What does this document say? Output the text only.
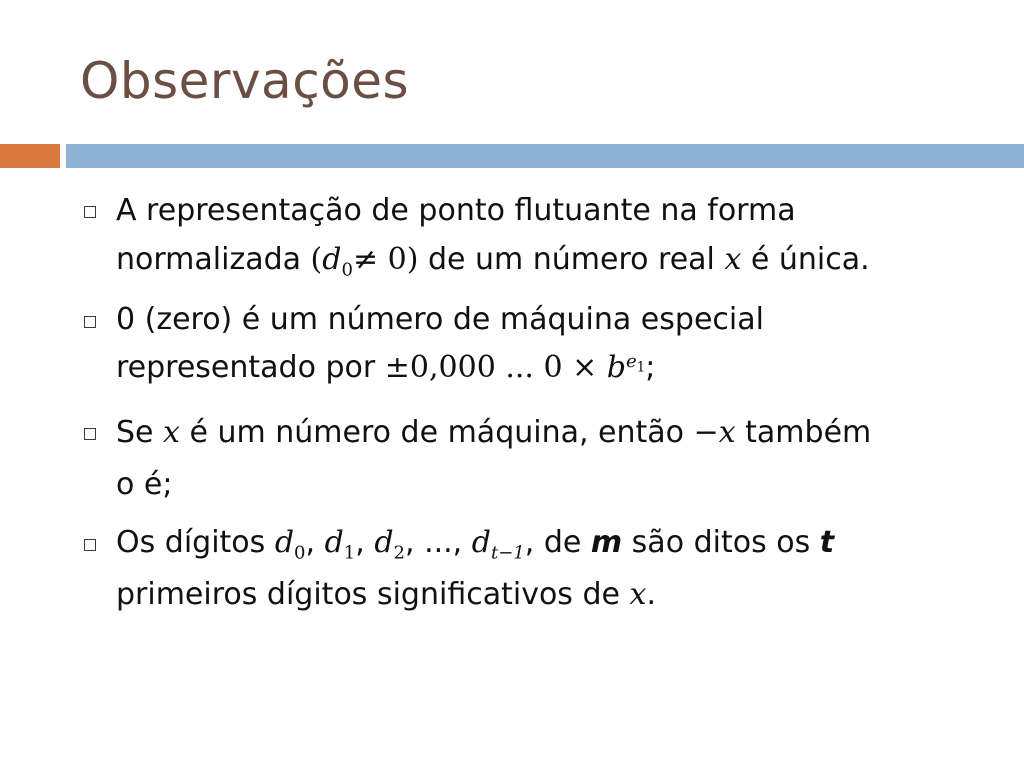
Observações
A representação de ponto flutuante na forma
normalizada $(d_0\ne 0)$ de um número real x é única.
0 (zero) é um número de máquina especial
representado por ±0,000 ... $0 \times b^{e_1}$;
Se x é um número de máquina, então −x também
o é;
Os dígitos $d_0$, $d_1$, $d_2$, ..., $d_{t-1}$, de m são ditos os t
primeiros dígitos significativos de x.
